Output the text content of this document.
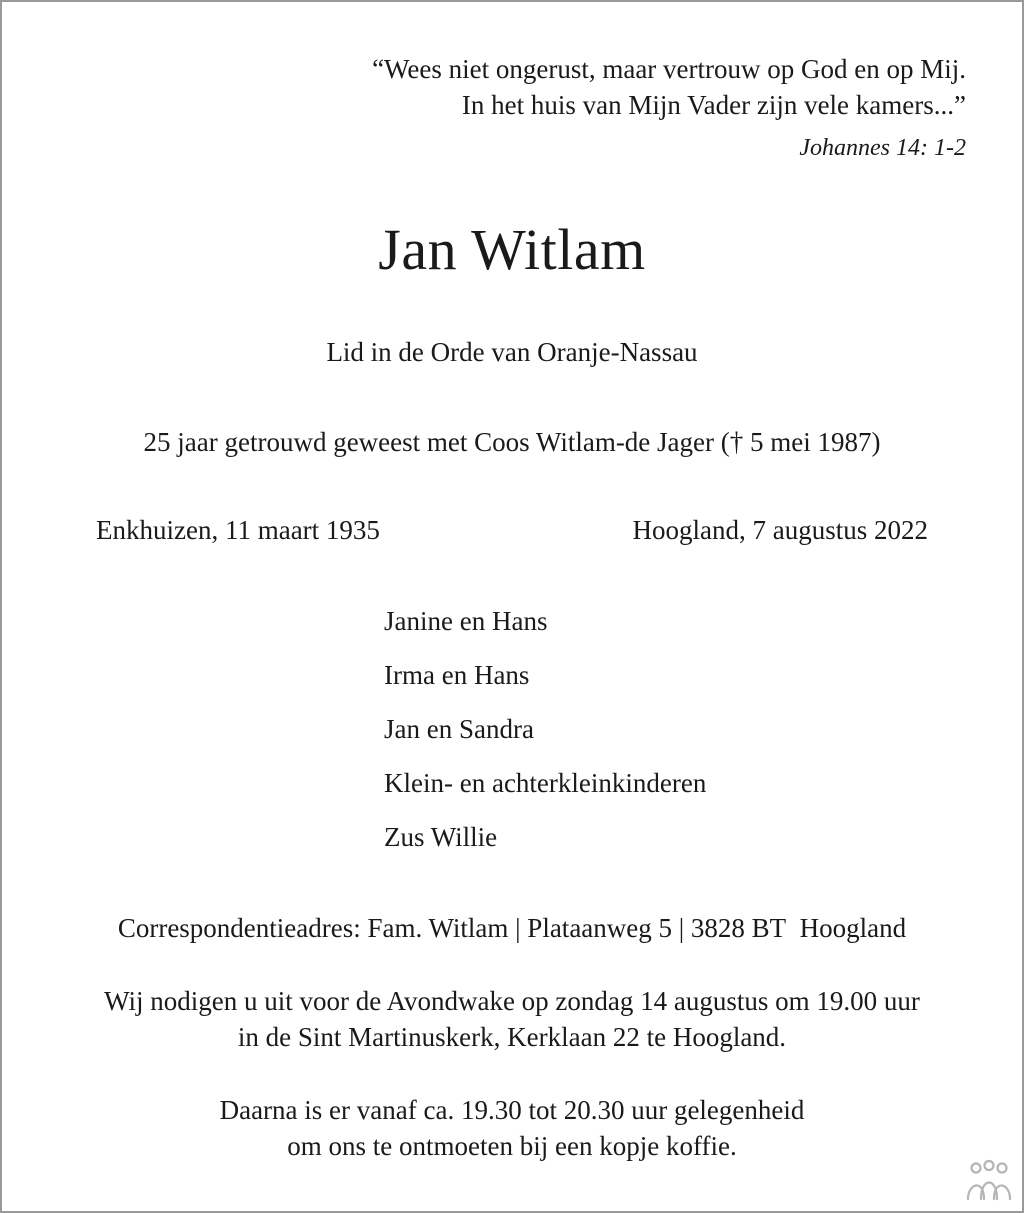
“Wees niet ongerust, maar vertrouw op God en op Mij.
In het huis van Mijn Vader zijn vele kamers...”
Johannes 14: 1-2
Jan Witlam
Lid in de Orde van Oranje-Nassau
25 jaar getrouwd geweest met Coos Witlam-de Jager († 5 mei 1987)
Enkhuizen, 11 maart 1935	Hoogland, 7 augustus 2022
Janine en Hans
Irma en Hans
Jan en Sandra
Klein- en achterkleinkinderen
Zus Willie
Correspondentieadres: Fam. Witlam | Plataanweg 5 | 3828 BT  Hoogland
Wij nodigen u uit voor de Avondwake op zondag 14 augustus om 19.00 uur
in de Sint Martinuskerk, Kerklaan 22 te Hoogland.
Daarna is er vanaf ca. 19.30 tot 20.30 uur gelegenheid
om ons te ontmoeten bij een kopje koffie.
